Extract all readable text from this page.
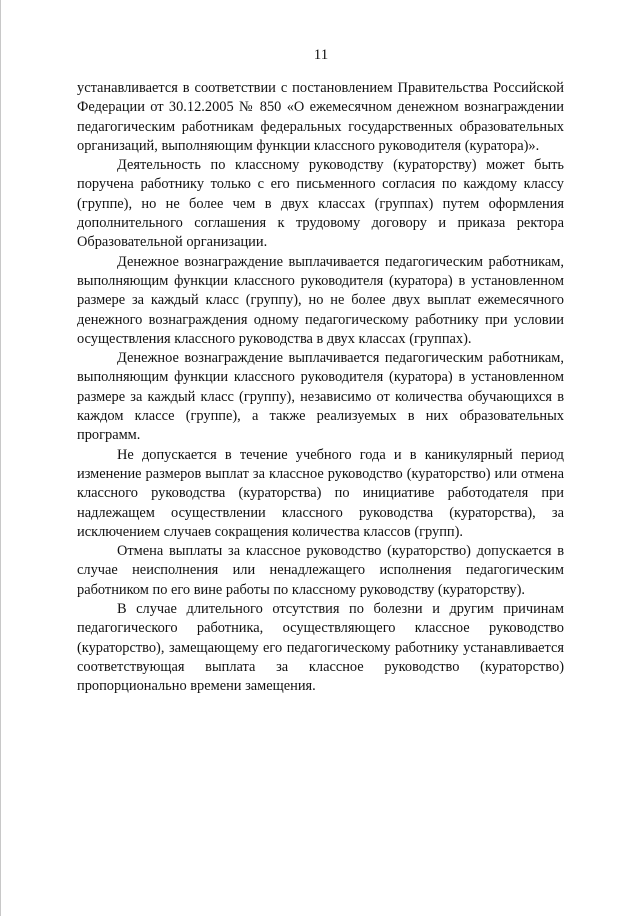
11

устанавливается в соответствии с постановлением Правительства Российской Федерации от 30.12.2005 № 850 «О ежемесячном денежном вознаграждении педагогическим работникам федеральных государственных образовательных организаций, выполняющим функции классного руководителя (куратора)».

Деятельность по классному руководству (кураторству) может быть поручена работнику только с его письменного согласия по каждому классу (группе), но не более чем в двух классах (группах) путем оформления дополнительного соглашения к трудовому договору и приказа ректора Образовательной организации.

Денежное вознаграждение выплачивается педагогическим работникам, выполняющим функции классного руководителя (куратора) в установленном размере за каждый класс (группу), но не более двух выплат ежемесячного денежного вознаграждения одному педагогическому работнику при условии осуществления классного руководства в двух классах (группах).

Денежное вознаграждение выплачивается педагогическим работникам, выполняющим функции классного руководителя (куратора) в установленном размере за каждый класс (группу), независимо от количества обучающихся в каждом классе (группе), а также реализуемых в них образовательных программ.

Не допускается в течение учебного года и в каникулярный период изменение размеров выплат за классное руководство (кураторство) или отмена классного руководства (кураторства) по инициативе работодателя при надлежащем осуществлении классного руководства (кураторства), за исключением случаев сокращения количества классов (групп).

Отмена выплаты за классное руководство (кураторство) допускается в случае неисполнения или ненадлежащего исполнения педагогическим работником по его вине работы по классному руководству (кураторству).

В случае длительного отсутствия по болезни и другим причинам педагогического работника, осуществляющего классное руководство (кураторство), замещающему его педагогическому работнику устанавливается соответствующая выплата за классное руководство (кураторство) пропорционально времени замещения.
